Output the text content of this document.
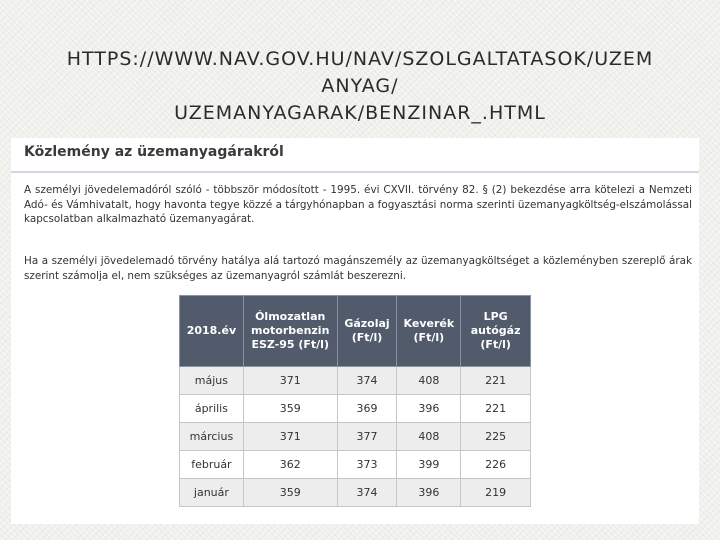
HTTPS://WWW.NAV.GOV.HU/NAV/SZOLGALTATASOK/UZEM
ANYAG/
UZEMANYAGARAK/BENZINAR_.HTML
Közlemény az üzemanyagárakról
A személyi jövedelemadóról szóló - többször módosított - 1995. évi CXVII. törvény 82. § (2) bekezdése arra kötelezi a Nemzeti Adó- és Vámhivatalt, hogy havonta tegye közzé a tárgyhónapban a fogyasztási norma szerinti üzemanyagköltség-elszámolással kapcsolatban alkalmazható üzemanyagárat.
Ha a személyi jövedelemadó törvény hatálya alá tartozó magánszemély az üzemanyagköltséget a közleményben szereplő árak szerint számolja el, nem szükséges az üzemanyagról számlát beszerezni.
2018.év	Ólmozatlan motorbenzin ESZ-95 (Ft/l)	Gázolaj (Ft/l)	Keverék (Ft/l)	LPG autógáz (Ft/l)
május	371	374	408	221
április	359	369	396	221
március	371	377	408	225
február	362	373	399	226
január	359	374	396	219
